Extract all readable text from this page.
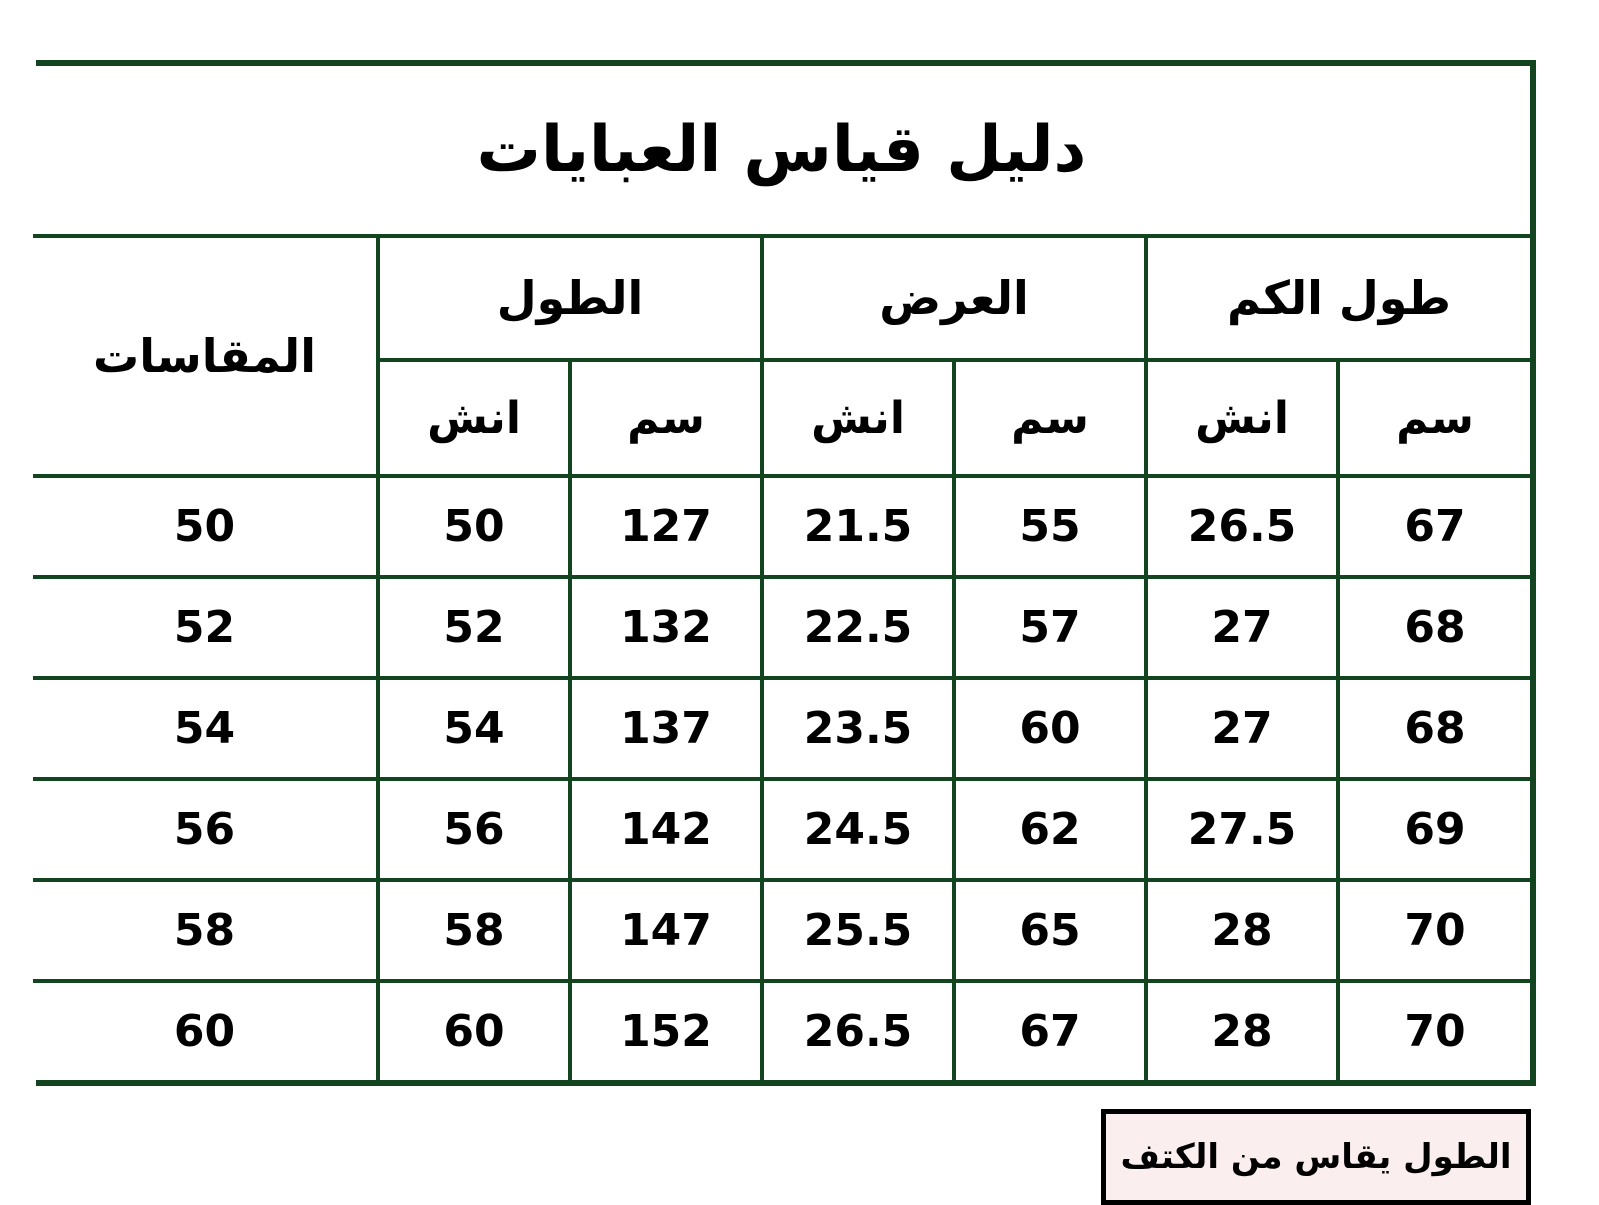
دليل قياس العبايات						
طول الكم		العرض		الطول		المقاسات
سم	انش	سم	انش	سم	انش	
67	26.5	55	21.5	127	50	50
68	27	57	22.5	132	52	52
68	27	60	23.5	137	54	54
69	27.5	62	24.5	142	56	56
70	28	65	25.5	147	58	58
70	28	67	26.5	152	60	60
الطول يقاس من الكتف
